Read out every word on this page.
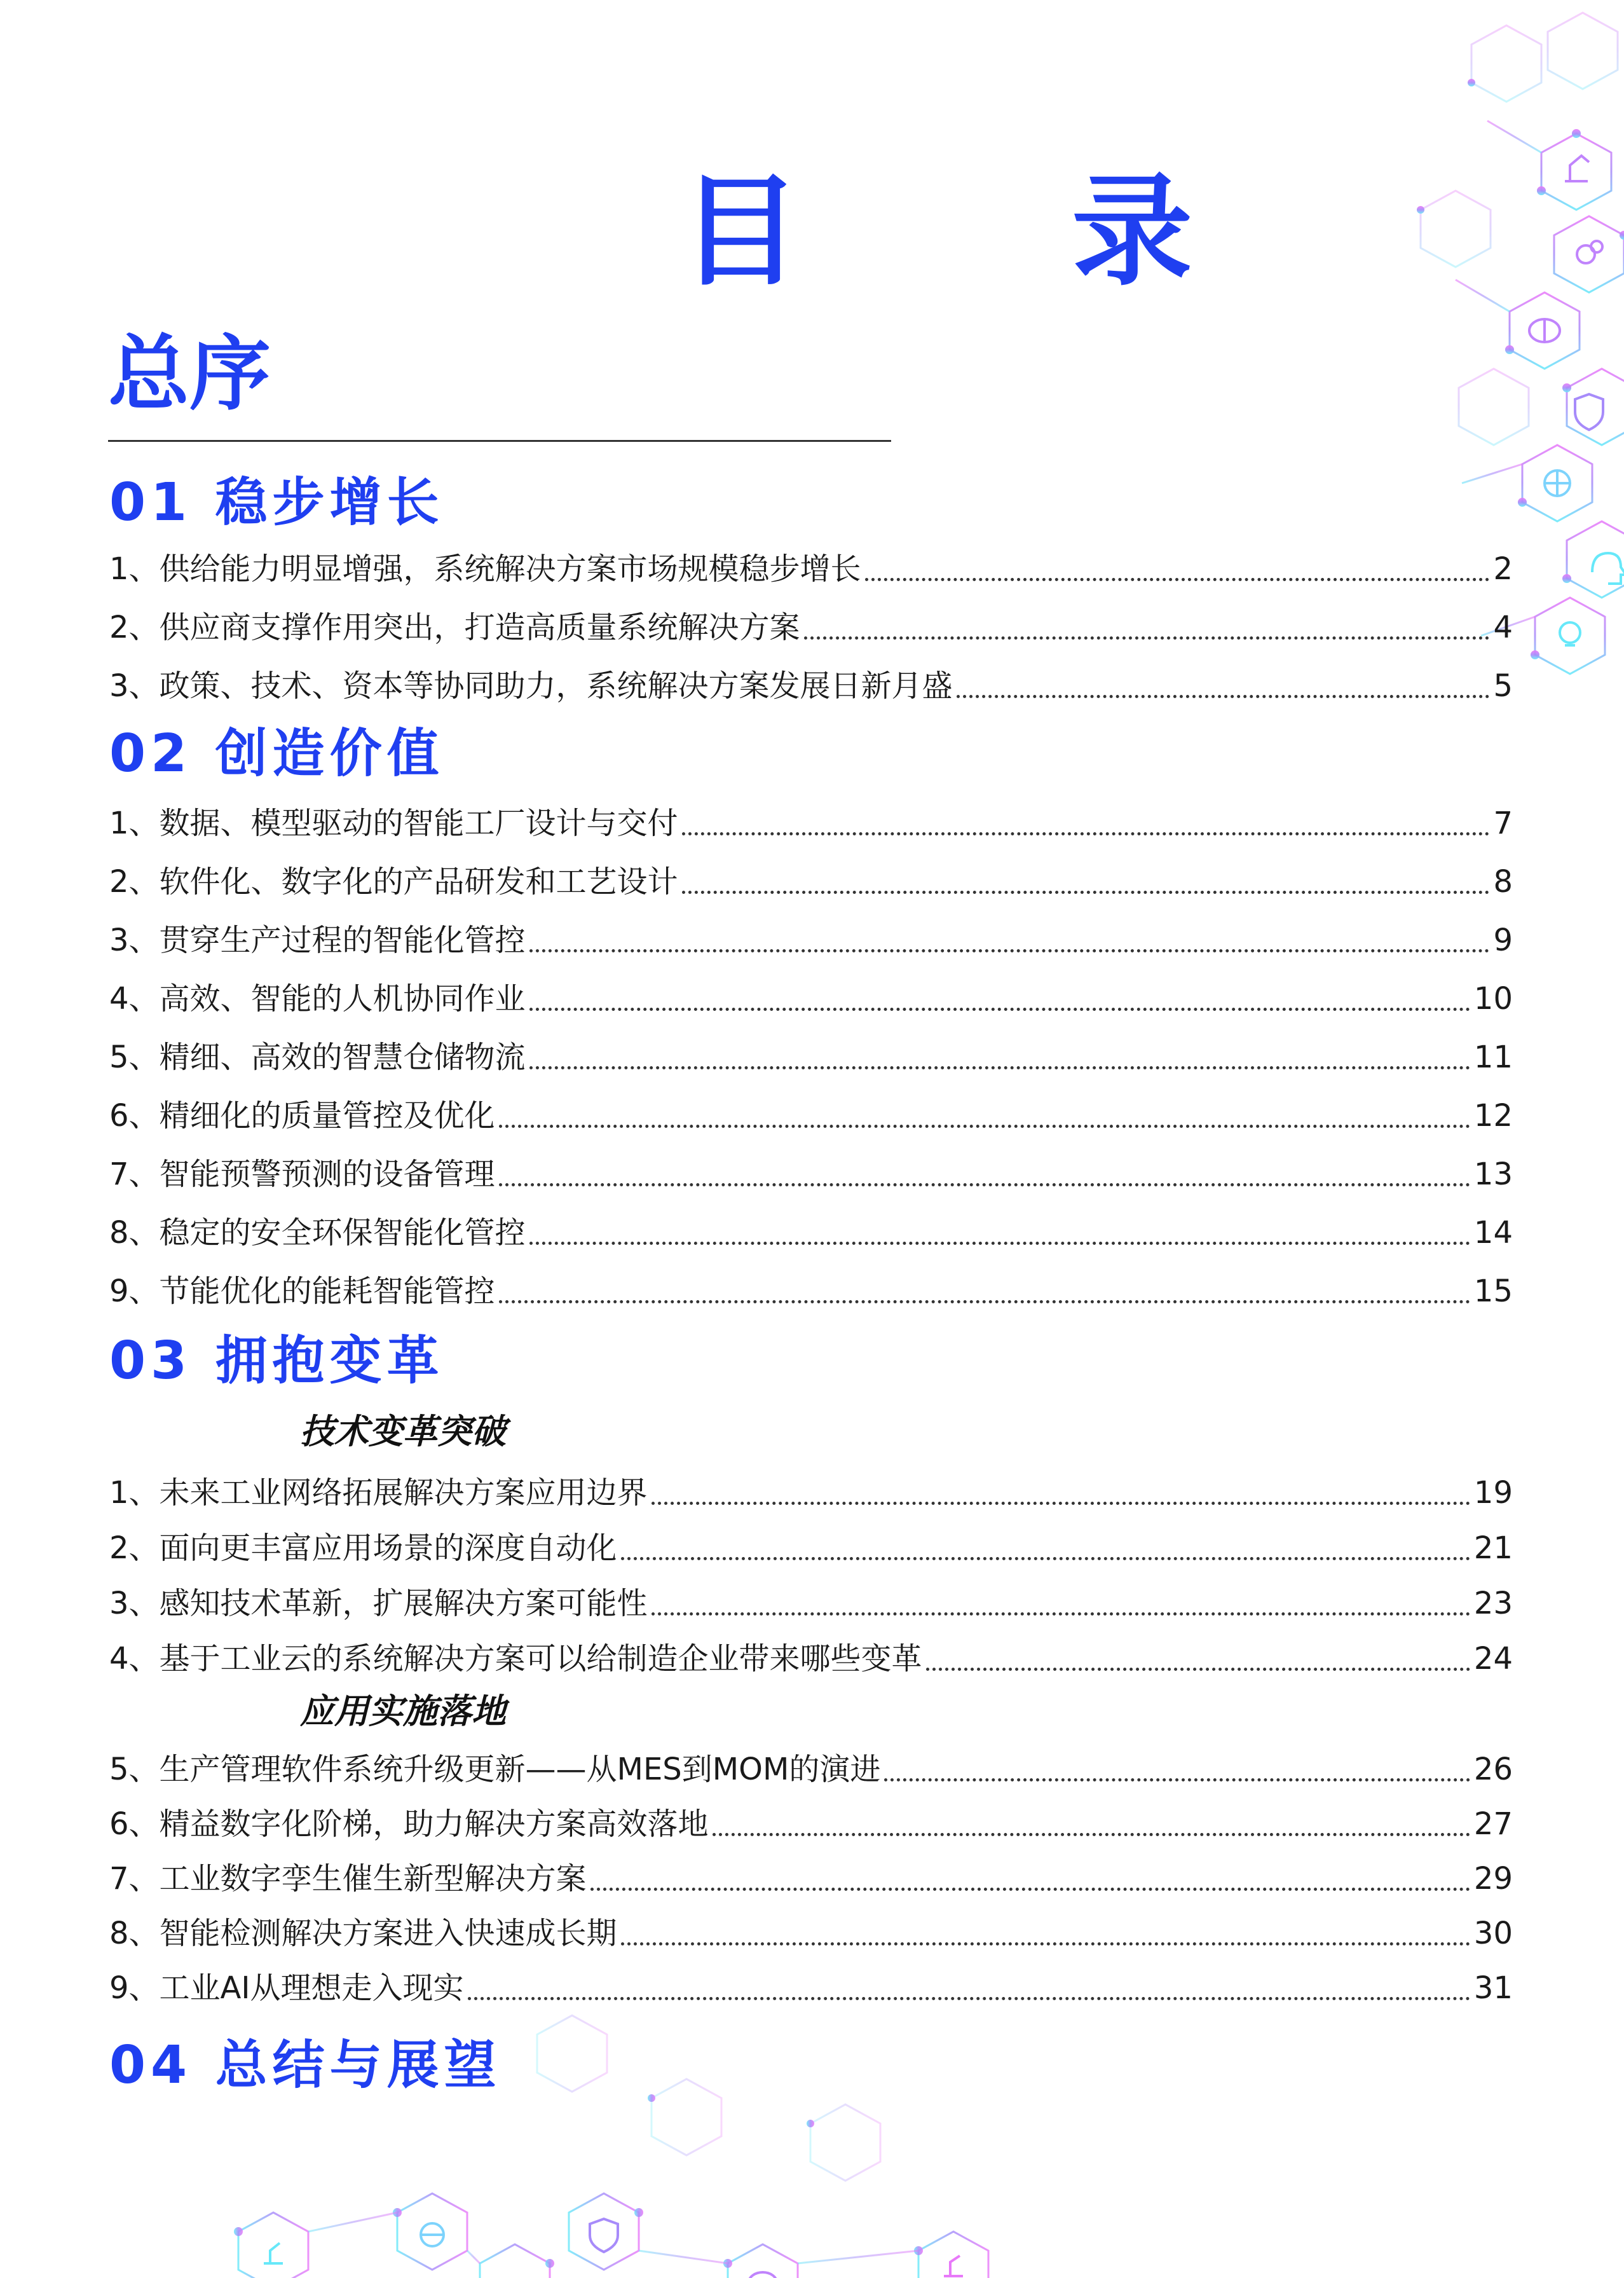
目 录
总序
01 稳步增长
1、 供给能力明显增强，系统解决方案市场规模稳步增长	2
2、 供应商支撑作用突出，打造高质量系统解决方案	4
3、 政策、技术、资本等协同助力，系统解决方案发展日新月盛	5
02 创造价值
1、 数据、模型驱动的智能工厂设计与交付	7
2、 软件化、数字化的产品研发和工艺设计	8
3、 贯穿生产过程的智能化管控	9
4、 高效、智能的人机协同作业	10
5、 精细、高效的智慧仓储物流	11
6、 精细化的质量管控及优化	12
7、 智能预警预测的设备管理	13
8、 稳定的安全环保智能化管控	14
9、 节能优化的能耗智能管控	15
03 拥抱变革
技术变革突破
1、 未来工业网络拓展解决方案应用边界	19
2、 面向更丰富应用场景的深度自动化	21
3、 感知技术革新，扩展解决方案可能性	23
4、 基于工业云的系统解决方案可以给制造企业带来哪些变革	24
应用实施落地
5、 生产管理软件系统升级更新——从MES到MOM的演进	26
6、 精益数字化阶梯，助力解决方案高效落地	27
7、 工业数字孪生催生新型解决方案	29
8、 智能检测解决方案进入快速成长期	30
9、 工业AI从理想走入现实	31
04 总结与展望
